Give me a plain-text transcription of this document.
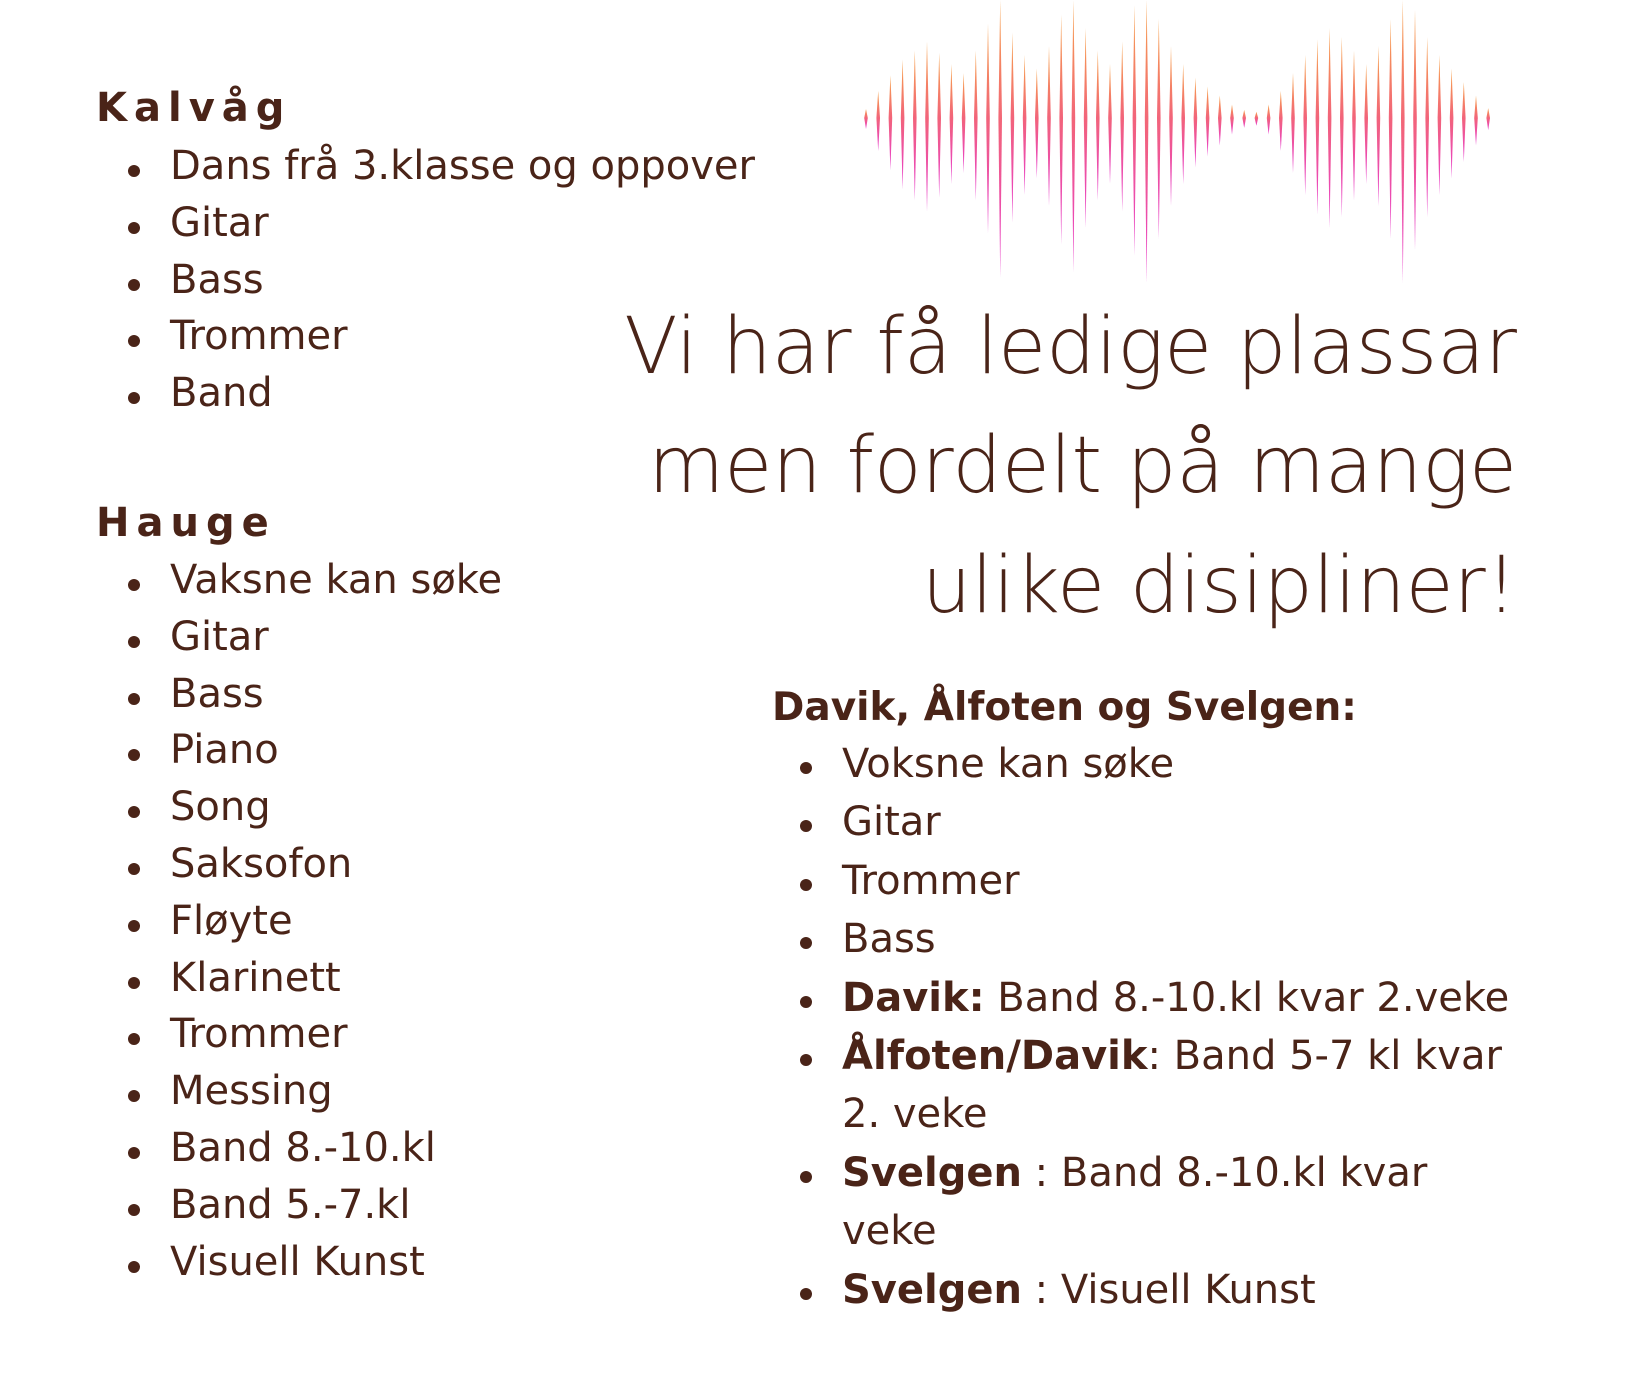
Kalvåg
Dans frå 3.klasse og oppover
Gitar
Bass
Trommer
Band
Hauge
Vaksne kan søke
Gitar
Bass
Piano
Song
Saksofon
Fløyte
Klarinett
Trommer
Messing
Band 8.-10.kl
Band 5.-7.kl
Visuell Kunst
Vi har få ledige plassar
men fordelt på mange
ulike disipliner!
Davik, Ålfoten og Svelgen:
Voksne kan søke
Gitar
Trommer
Bass
Davik: Band 8.-10.kl kvar 2.veke
Ålfoten/Davik: Band 5-7 kl kvar 2. veke
Svelgen : Band 8.-10.kl kvar veke
Svelgen : Visuell Kunst
